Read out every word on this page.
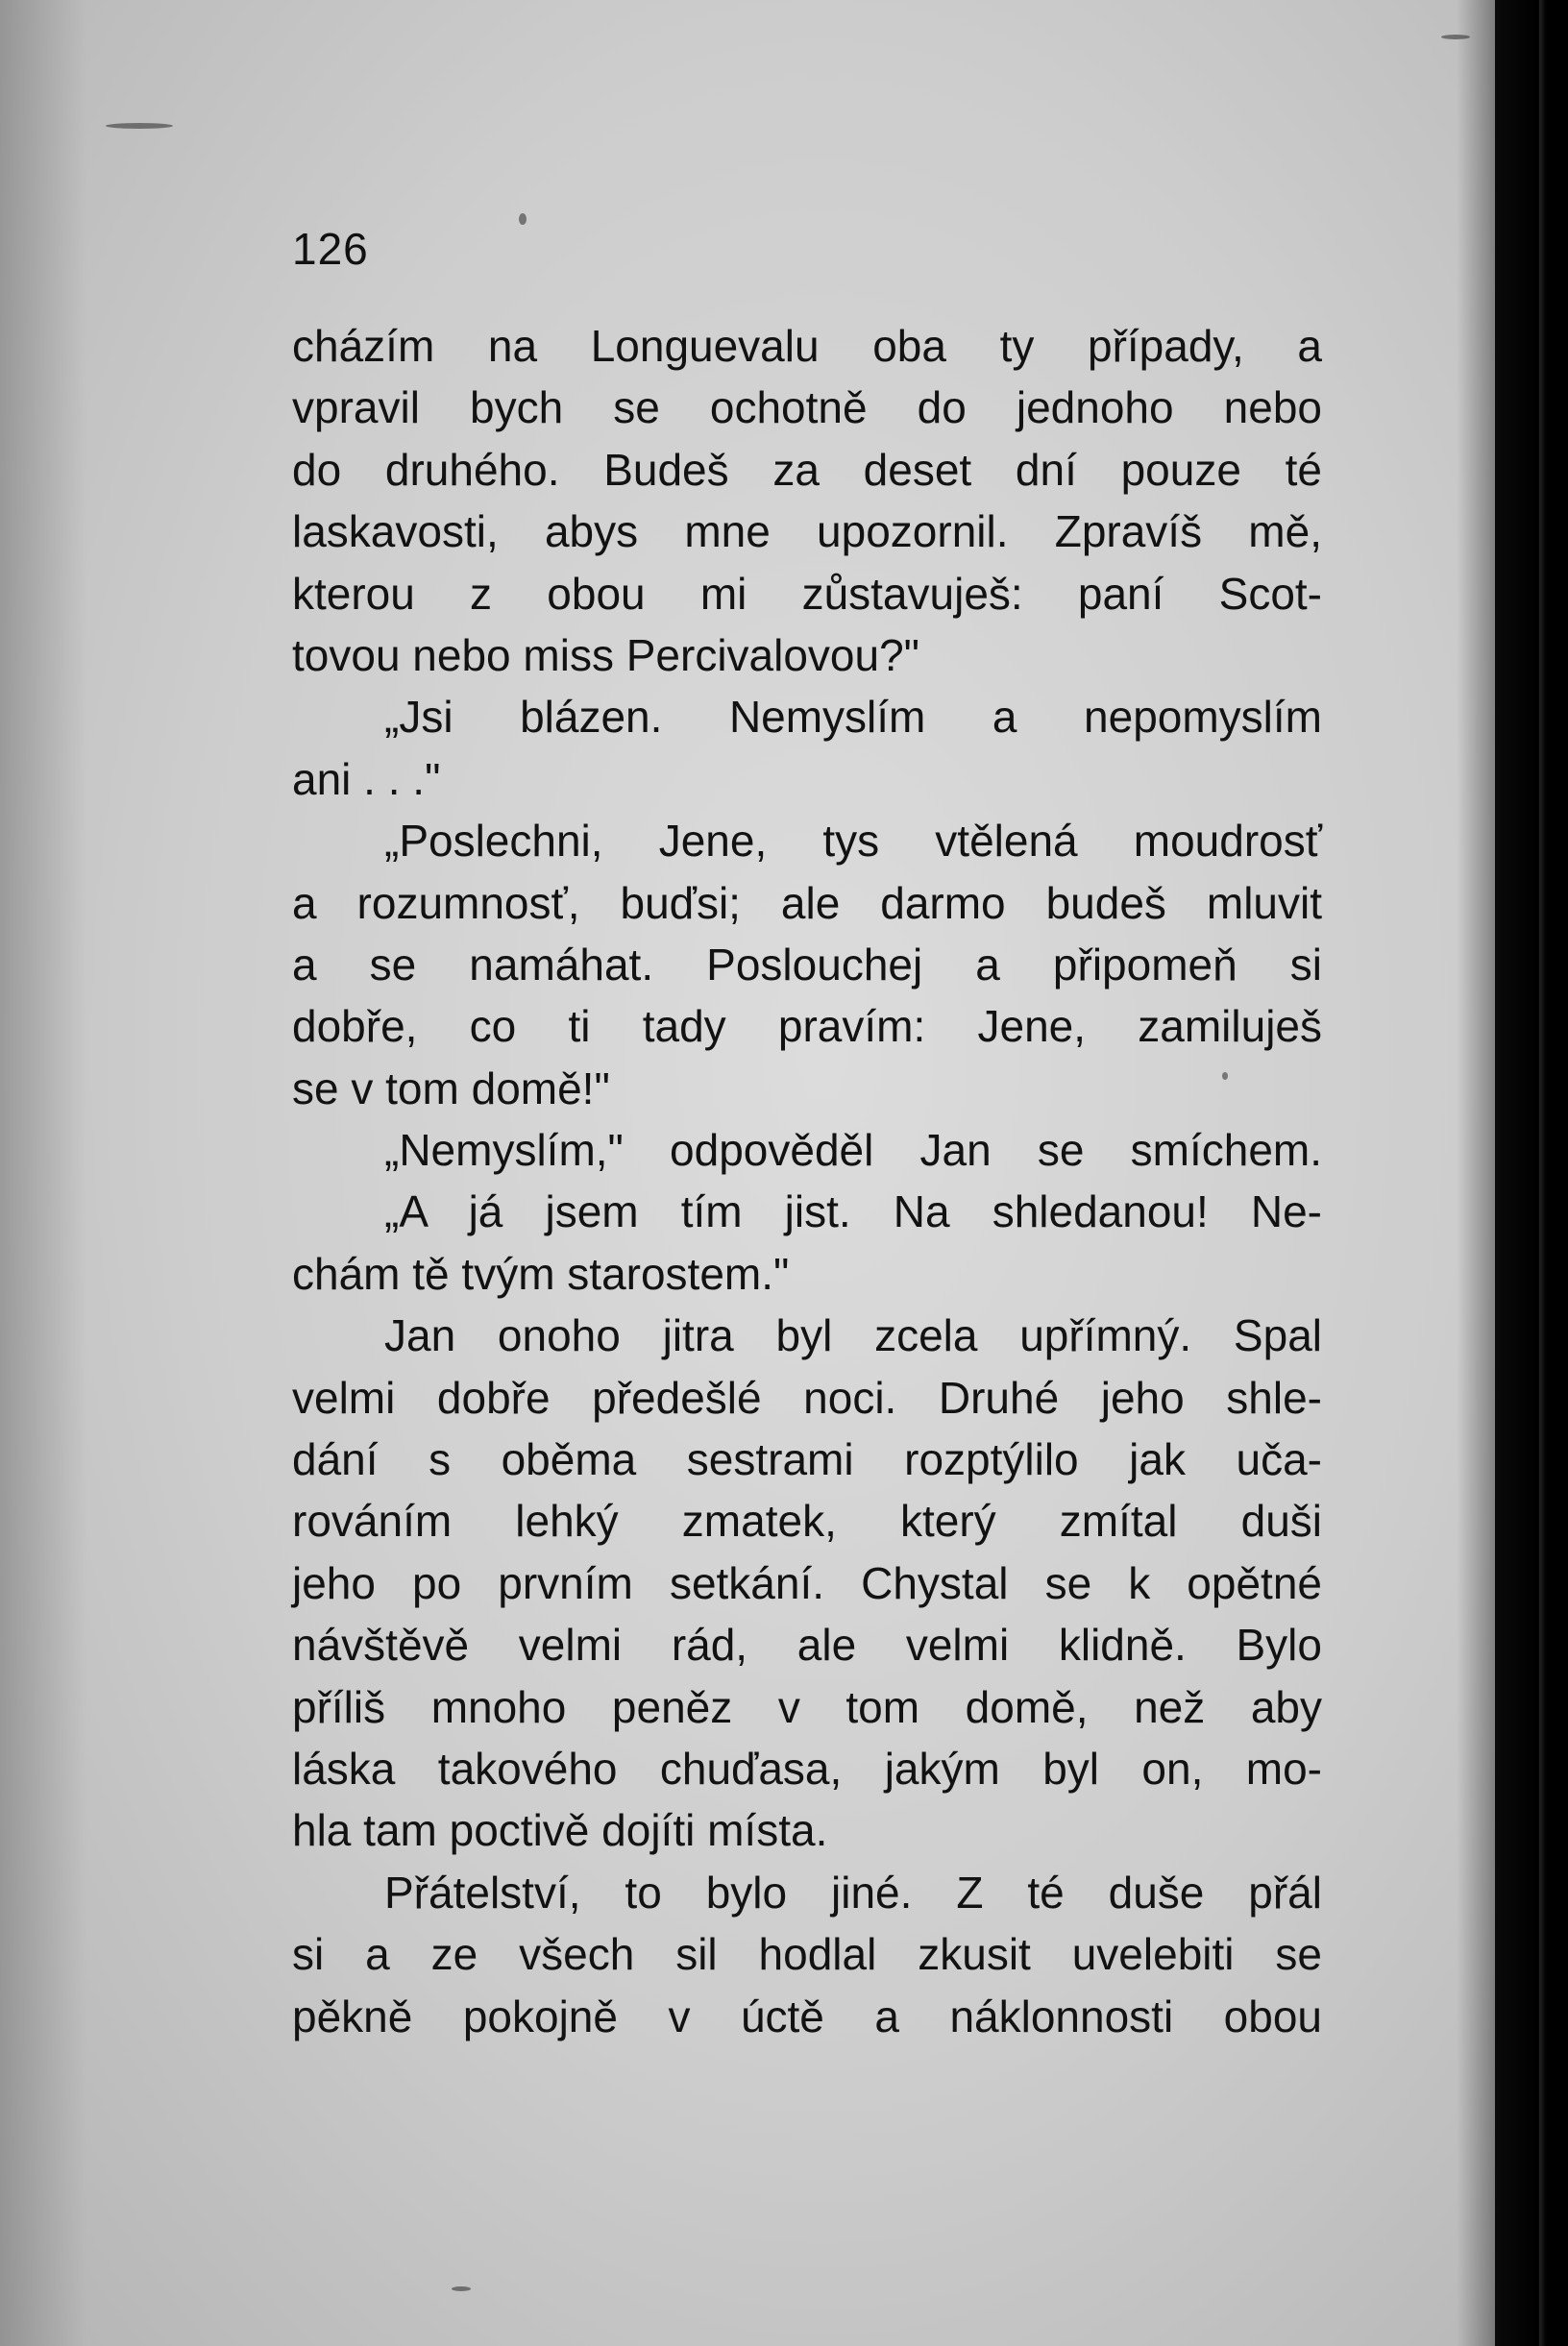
126
cházím na Longuevalu oba ty případy, a
vpravil bych se ochotně do jednoho nebo
do druhého. Budeš za deset dní pouze té
laskavosti, abys mne upozornil. Zpravíš mě,
kterou z obou mi zůstavuješ: paní Scot-
tovou nebo miss Percivalovou?"
„Jsi blázen. Nemyslím a nepomyslím
ani . . ."
„Poslechni, Jene, tys vtělená moudrosť
a rozumnosť, buďsi; ale darmo budeš mluvit
a se namáhat. Poslouchej a připomeň si
dobře, co ti tady pravím: Jene, zamiluješ
se v tom domě!"
„Nemyslím," odpověděl Jan se smíchem.
„A já jsem tím jist. Na shledanou! Ne-
chám tě tvým starostem."
Jan onoho jitra byl zcela upřímný. Spal
velmi dobře předešlé noci. Druhé jeho shle-
dání s oběma sestrami rozptýlilo jak uča-
rováním lehký zmatek, který zmítal duši
jeho po prvním setkání. Chystal se k opětné
návštěvě velmi rád, ale velmi klidně. Bylo
příliš mnoho peněz v tom domě, než aby
láska takového chuďasa, jakým byl on, mo-
hla tam poctivě dojíti místa.
Přátelství, to bylo jiné. Z té duše přál
si a ze všech sil hodlal zkusit uvelebiti se
pěkně pokojně v úctě a náklonnosti obou
